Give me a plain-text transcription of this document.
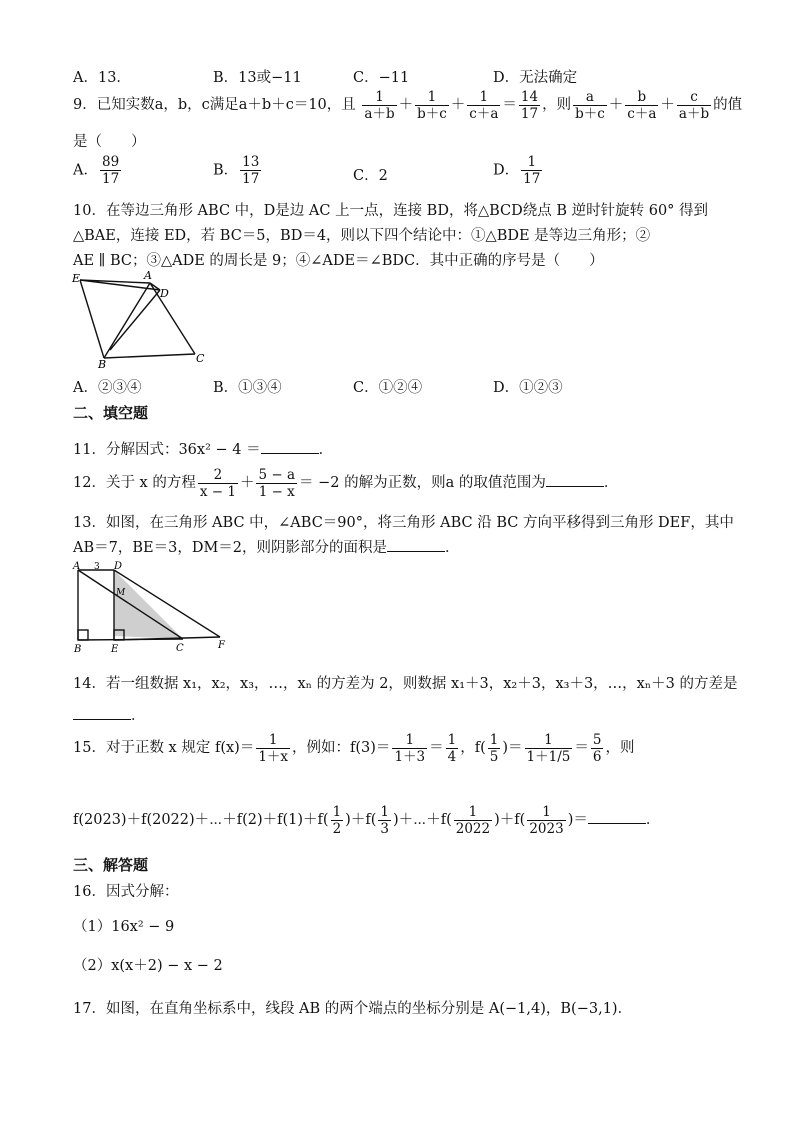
A．13．	B．13或−11	C．−11	D．无法确定
9．已知实数a，b，c满足a＋b＋c＝10，且 $\frac{1}{a+b} + \frac{1}{b+c} + \frac{1}{c+a} = \frac{14}{17}$ ，则 $\frac{a}{b+c} + \frac{b}{c+a} + \frac{c}{a+b}$ 的值
是（　　）
A． $\frac{89}{17}$	B． $\frac{13}{17}$	C．2	D． $\frac{1}{17}$
10．在等边三角形 ABC 中，D是边 AC 上一点，连接 BD，将△BCD绕点 B 逆时针旋转 60° 得到
△BAE，连接 ED，若 BC＝5，BD＝4，则以下四个结论中：①△BDE 是等边三角形；②
AE ∥ BC；③△ADE 的周长是 9；④∠ADE＝∠BDC．其中正确的序号是（　　）
E	A
D
B	C
A．②③④	B．①③④	C．①②④	D．①②③
二、填空题
11．分解因式：36x² − 4 ＝	．
12．关于 x 的方程 $\frac{2}{x - 1} + \frac{5 - a}{1 - x} = -2$ 的解为正数，则a 的取值范围为	．
13．如图，在三角形 ABC 中，∠ABC＝90°，将三角形 ABC 沿 BC 方向平移得到三角形 DEF，其中
AB＝7，BE＝3，DM＝2，则阴影部分的面积是	．
A 3 D
M
B	E	C	F
14．若一组数据 x₁，x₂，x₃，…，xₙ 的方差为 2，则数据 x₁＋3，x₂＋3，x₃＋3，…，xₙ＋3 的方差是
．
15．对于正数 x 规定 $f(x)= \frac{1}{1+x}$ ，例如：$f(3)= \frac{1}{1+3} = \frac{1}{4}$ ，$f( \frac{1}{5}$ )＝ $\frac{1}{1+1/5} = \frac{5}{6}$ ，则
f(2023)＋f(2022)＋⋯＋f(2)＋f(1)＋f( $\frac{1}{2} )+f( \frac{1}{3}$ )＋⋯＋f( $\frac{1}{2022} )+f( \frac{1}{2023}$ )＝	．
三、解答题
16．因式分解：
（1）16x² − 9
（2）x(x＋2) − x − 2
17．如图，在直角坐标系中，线段 AB 的两个端点的坐标分别是 A(−1,4)，B(−3,1)．
